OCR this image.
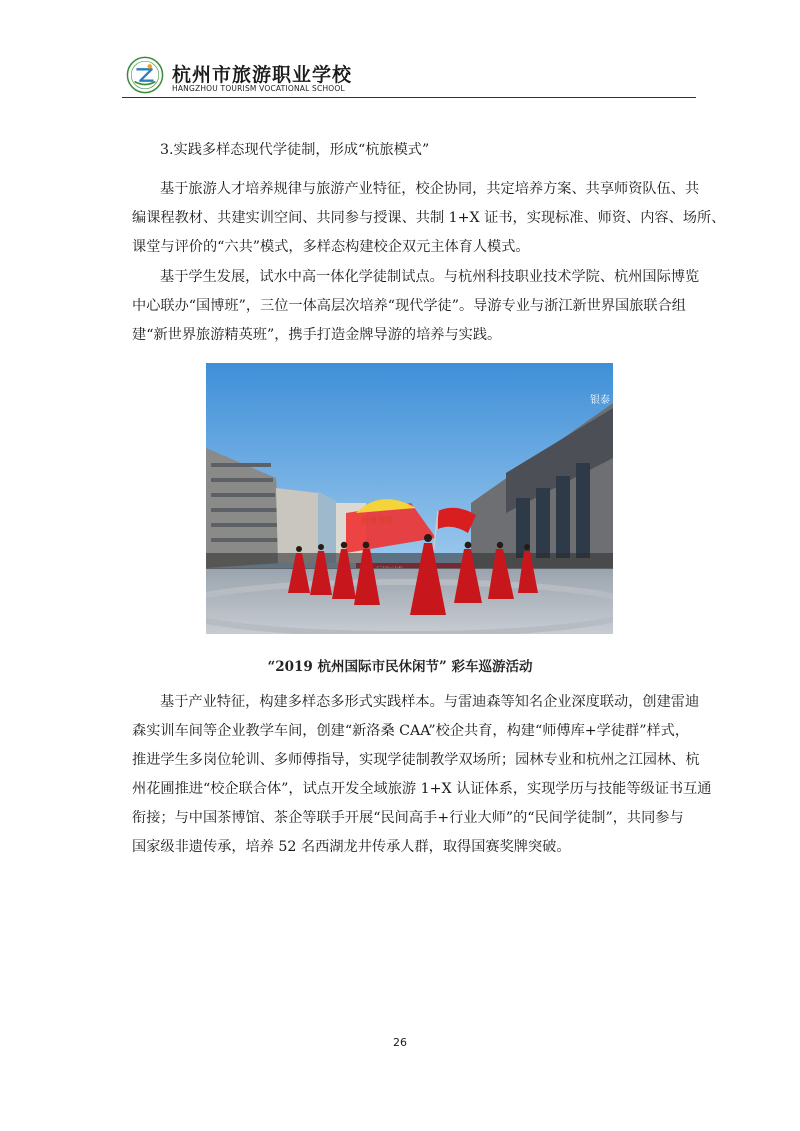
杭州市旅游职业学校
HANGZHOU TOURISM VOCATIONAL SCHOOL
3.实践多样态现代学徒制，形成“杭旅模式”
基于旅游人才培养规律与旅游产业特征，校企协同，共定培养方案、共享师资队伍、共
编课程教材、共建实训空间、共同参与授课、共制 1+X 证书，实现标准、师资、内容、场所、
课堂与评价的“六共”模式，多样态构建校企双元主体育人模式。
基于学生发展，试水中高一体化学徒制试点。与杭州科技职业技术学院、杭州国际博览
中心联办“国博班”，三位一体高层次培养“现代学徒”。导游专业与浙江新世界国旅联合组
建“新世界旅游精英班”，携手打造金牌导游的培养与实践。
银泰
杭州市民
“2019 杭州国际市民休闲节” 彩车巡游活动
基于产业特征，构建多样态多形式实践样本。与雷迪森等知名企业深度联动，创建雷迪
森实训车间等企业教学车间，创建“新洛桑 CAA”校企共育，构建“师傅库+学徒群”样式，
推进学生多岗位轮训、多师傅指导，实现学徒制教学双场所；园林专业和杭州之江园林、杭
州花圃推进“校企联合体”，试点开发全域旅游 1+X 认证体系，实现学历与技能等级证书互通
衔接；与中国茶博馆、茶企等联手开展“民间高手+行业大师”的“民间学徒制”，共同参与
国家级非遗传承，培养 52 名西湖龙井传承人群，取得国赛奖牌突破。
26
